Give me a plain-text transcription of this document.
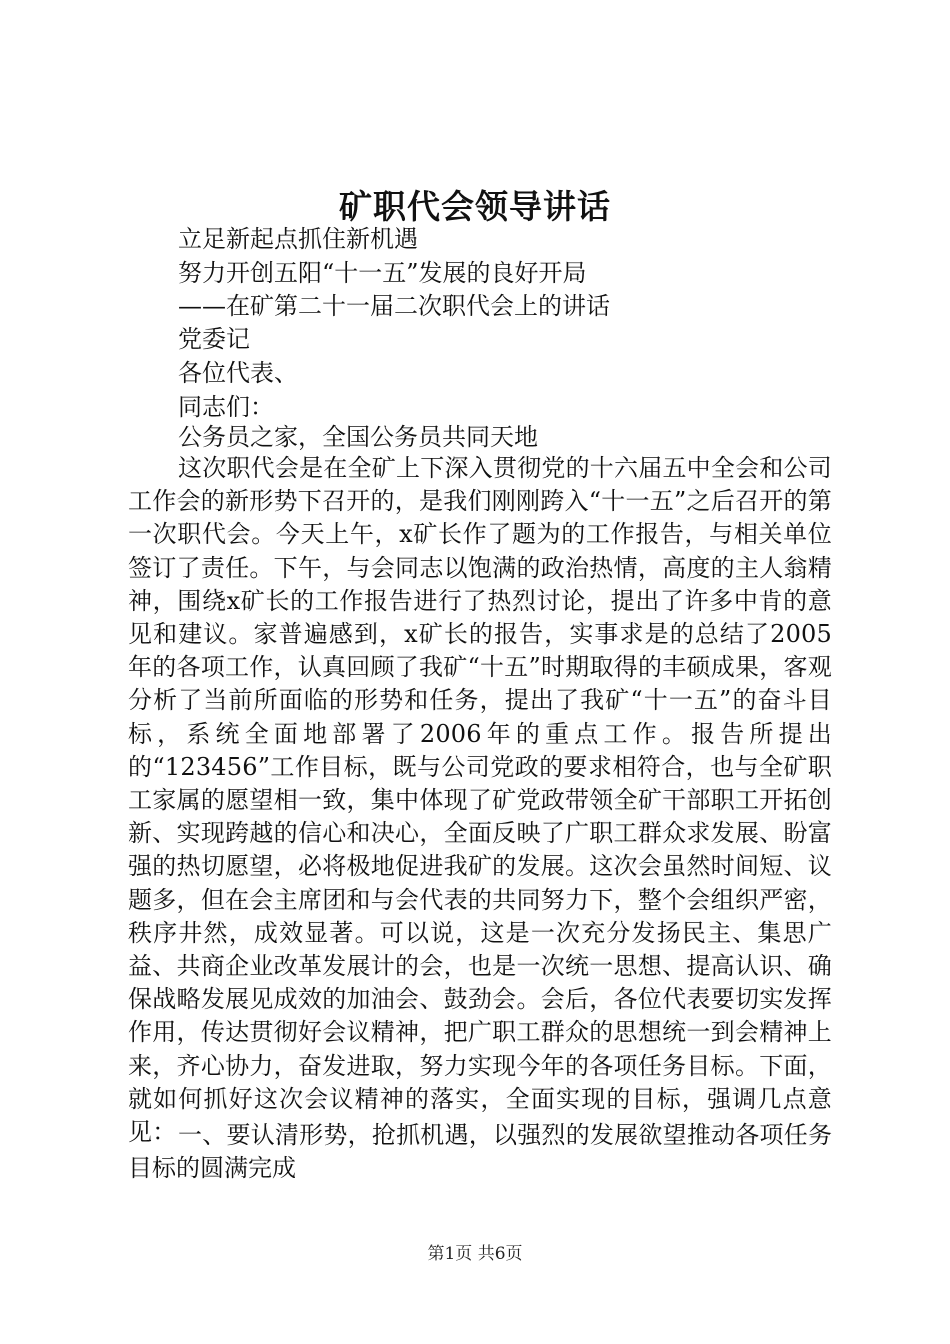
矿职代会领导讲话
立足新起点抓住新机遇
努力开创五阳“十一五”发展的良好开局
——在矿第二十一届二次职代会上的讲话
党委记
各位代表、
同志们：
公务员之家，全国公务员共同天地
这次职代会是在全矿上下深入贯彻党的十六届五中全会和公司工作会的新形势下召开的，是我们刚刚跨入“十一五”之后召开的第一次职代会。今天上午，x矿长作了题为的工作报告，与相关单位签订了责任。下午，与会同志以饱满的政治热情，高度的主人翁精神，围绕x矿长的工作报告进行了热烈讨论，提出了许多中肯的意见和建议。家普遍感到，x矿长的报告，实事求是的总结了2005年的各项工作，认真回顾了我矿“十五”时期取得的丰硕成果，客观分析了当前所面临的形势和任务，提出了我矿“十一五”的奋斗目标，系统全面地部署了2006年的重点工作。报告所提出的“123456”工作目标，既与公司党政的要求相符合，也与全矿职工家属的愿望相一致，集中体现了矿党政带领全矿干部职工开拓创新、实现跨越的信心和决心，全面反映了广职工群众求发展、盼富强的热切愿望，必将极地促进我矿的发展。这次会虽然时间短、议题多，但在会主席团和与会代表的共同努力下，整个会组织严密，秩序井然，成效显著。可以说，这是一次充分发扬民主、集思广益、共商企业改革发展计的会，也是一次统一思想、提高认识、确保战略发展见成效的加油会、鼓劲会。会后，各位代表要切实发挥作用，传达贯彻好会议精神，把广职工群众的思想统一到会精神上来，齐心协力，奋发进取，努力实现今年的各项任务目标。下面，就如何抓好这次会议精神的落实，全面实现的目标，强调几点意见： 一、要认清形势，抢抓机遇，以强烈的发展欲望推动各项任务目标的圆满完成
第1页 共6页
